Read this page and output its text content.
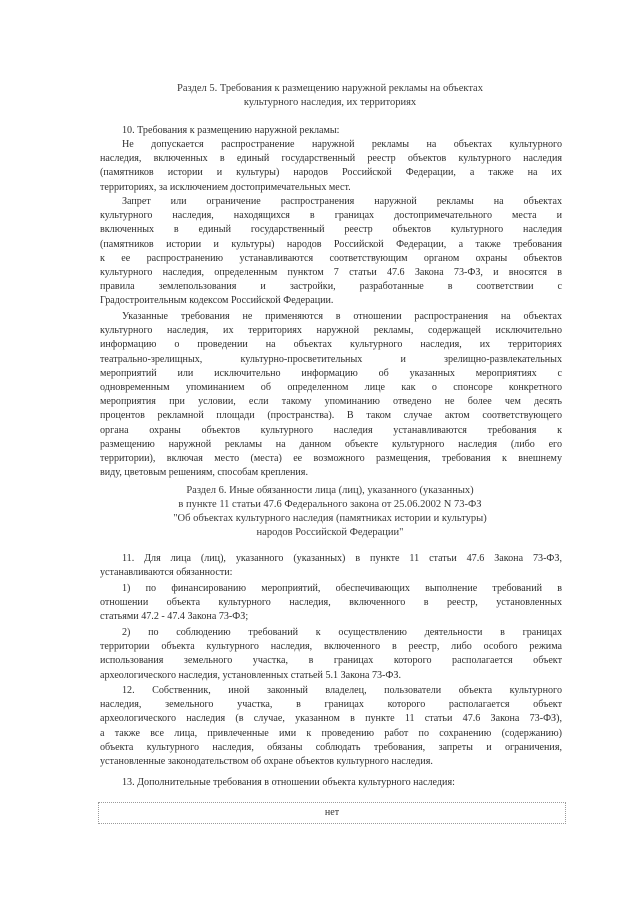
Раздел 5. Требования к размещению наружной рекламы на объектах
культурного наследия, их территориях
10. Требования к размещению наружной рекламы:
Не допускается распространение наружной рекламы на объектах культурного
наследия, включенных в единый государственный реестр объектов культурного наследия
(памятников истории и культуры) народов Российской Федерации, а также на их
территориях, за исключением достопримечательных мест.
Запрет или ограничение распространения наружной рекламы на объектах
культурного наследия, находящихся в границах достопримечательного места и
включенных в единый государственный реестр объектов культурного наследия
(памятников истории и культуры) народов Российской Федерации, а также требования
к ее распространению устанавливаются соответствующим органом охраны объектов
культурного наследия, определенным пунктом 7 статьи 47.6 Закона 73-ФЗ, и вносятся в
правила землепользования и застройки, разработанные в соответствии с
Градостроительным кодексом Российской Федерации.
Указанные требования не применяются в отношении распространения на объектах
культурного наследия, их территориях наружной рекламы, содержащей исключительно
информацию о проведении на объектах культурного наследия, их территориях
театрально-зрелищных, культурно-просветительных и зрелищно-развлекательных
мероприятий или исключительно информацию об указанных мероприятиях с
одновременным упоминанием об определенном лице как о спонсоре конкретного
мероприятия при условии, если такому упоминанию отведено не более чем десять
процентов рекламной площади (пространства). В таком случае актом соответствующего
органа охраны объектов культурного наследия устанавливаются требования к
размещению наружной рекламы на данном объекте культурного наследия (либо его
территории), включая место (места) ее возможного размещения, требования к внешнему
виду, цветовым решениям, способам крепления.
Раздел 6. Иные обязанности лица (лиц), указанного (указанных)
в пункте 11 статьи 47.6 Федерального закона от 25.06.2002 N 73-ФЗ
"Об объектах культурного наследия (памятниках истории и культуры)
народов Российской Федерации"
11. Для лица (лиц), указанного (указанных) в пункте 11 статьи 47.6 Закона 73-ФЗ,
устанавливаются обязанности:
1) по финансированию мероприятий, обеспечивающих выполнение требований в
отношении объекта культурного наследия, включенного в реестр, установленных
статьями 47.2 - 47.4 Закона 73-ФЗ;
2) по соблюдению требований к осуществлению деятельности в границах
территории объекта культурного наследия, включенного в реестр, либо особого режима
использования земельного участка, в границах которого располагается объект
археологического наследия, установленных статьей 5.1 Закона 73-ФЗ.
12. Собственник, иной законный владелец, пользователи объекта культурного
наследия, земельного участка, в границах которого располагается объект
археологического наследия (в случае, указанном в пункте 11 статьи 47.6 Закона 73-ФЗ),
а также все лица, привлеченные ими к проведению работ по сохранению (содержанию)
объекта культурного наследия, обязаны соблюдать требования, запреты и ограничения,
установленные законодательством об охране объектов культурного наследия.
13. Дополнительные требования в отношении объекта культурного наследия:
нет
